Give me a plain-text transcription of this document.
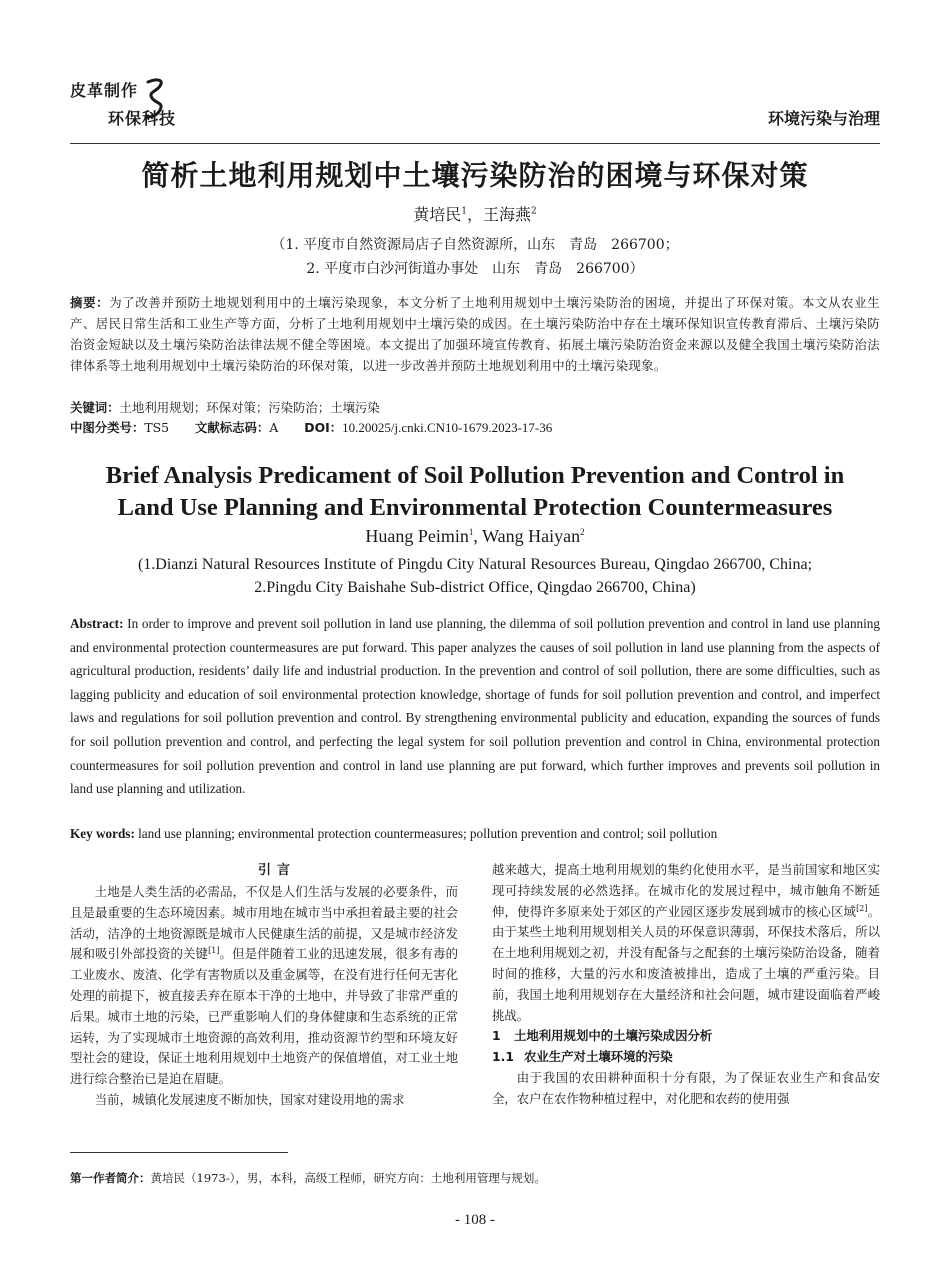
皮革制作
环保科技	环境污染与治理
简析土地利用规划中土壤污染防治的困境与环保对策
黄培民$^1$，王海燕$^2$
（1. 平度市自然资源局店子自然资源所，山东　青岛　266700；
2. 平度市白沙河街道办事处　山东　青岛　266700）
摘要：为了改善并预防土地规划利用中的土壤污染现象，本文分析了土地利用规划中土壤污染防治的困境，并提出了环保对策。本文从农业生产、居民日常生活和工业生产等方面，分析了土地利用规划中土壤污染的成因。在土壤污染防治中存在土壤环保知识宣传教育滞后、土壤污染防治资金短缺以及土壤污染防治法律法规不健全等困境。本文提出了加强环境宣传教育、拓展土壤污染防治资金来源以及健全我国土壤污染防治法律体系等土地利用规划中土壤污染防治的环保对策，以进一步改善并预防土地规划利用中的土壤污染现象。
关键词：土地利用规划；环保对策；污染防治；土壤污染
中图分类号：TS5 文献标志码：A DOI：10.20025/j.cnki.CN10-1679.2023-17-36
Brief Analysis Predicament of Soil Pollution Prevention and Control in
Land Use Planning and Environmental Protection Countermeasures
Huang Peimin$^1$, Wang Haiyan$^2$
(1.Dianzi Natural Resources Institute of Pingdu City Natural Resources Bureau, Qingdao 266700, China;
2.Pingdu City Baishahe Sub-district Office, Qingdao 266700, China)
Abstract: In order to improve and prevent soil pollution in land use planning, the dilemma of soil pollution prevention and control in land use planning and environmental protection countermeasures are put forward. This paper analyzes the causes of soil pollution in land use planning from the aspects of agricultural production, residents’ daily life and industrial production. In the prevention and control of soil pollution, there are some difficulties, such as lagging publicity and education of soil environmental protection knowledge, shortage of funds for soil pollution prevention and control, and imperfect laws and regulations for soil pollution prevention and control. By strengthening environmental publicity and education, expanding the sources of funds for soil pollution prevention and control, and perfecting the legal system for soil pollution prevention and control in China, environmental protection countermeasures for soil pollution prevention and control in land use planning are put forward, which further improves and prevents soil pollution in land use planning and utilization.
Key words: land use planning; environmental protection countermeasures; pollution prevention and control; soil pollution

引言

土地是人类生活的必需品，不仅是人们生活与发展的必要条件，而且是最重要的生态环境因素。城市用地在城市当中承担着最主要的社会活动，洁净的土地资源既是城市人民健康生活的前提，又是城市经济发展和吸引外部投资的关键[1]。但是伴随着工业的迅速发展，很多有毒的工业废水、废渣、化学有害物质以及重金属等，在没有进行任何无害化处理的前提下，被直接丢弃在原本干净的土地中，并导致了非常严重的后果。城市土地的污染，已严重影响人们的身体健康和生态系统的正常运转，为了实现城市土地资源的高效利用，推动资源节约型和环境友好型社会的建设，保证土地利用规划中土地资产的保值增值，对工业土地进行综合整治已是迫在眉睫。

当前，城镇化发展速度不断加快，国家对建设用地的需求

越来越大，提高土地利用规划的集约化使用水平，是当前国家和地区实现可持续发展的必然选择。在城市化的发展过程中，城市触角不断延伸，使得许多原来处于郊区的产业园区逐步发展到城市的核心区域[2]。由于某些土地利用规划相关人员的环保意识薄弱，环保技术落后，所以在土地利用规划之初，并没有配备与之配套的土壤污染防治设备，随着时间的推移，大量的污水和废渣被排出，造成了土壤的严重污染。目前，我国土地利用规划存在大量经济和社会问题，城市建设面临着严峻挑战。

1 土地利用规划中的土壤污染成因分析

1.1 农业生产对土壤环境的污染

由于我国的农田耕种面积十分有限，为了保证农业生产和食品安全，农户在农作物种植过程中，对化肥和农药的使用强

第一作者简介：黄培民（1973-），男，本科，高级工程师，研究方向：土地利用管理与规划。
- 108 -
